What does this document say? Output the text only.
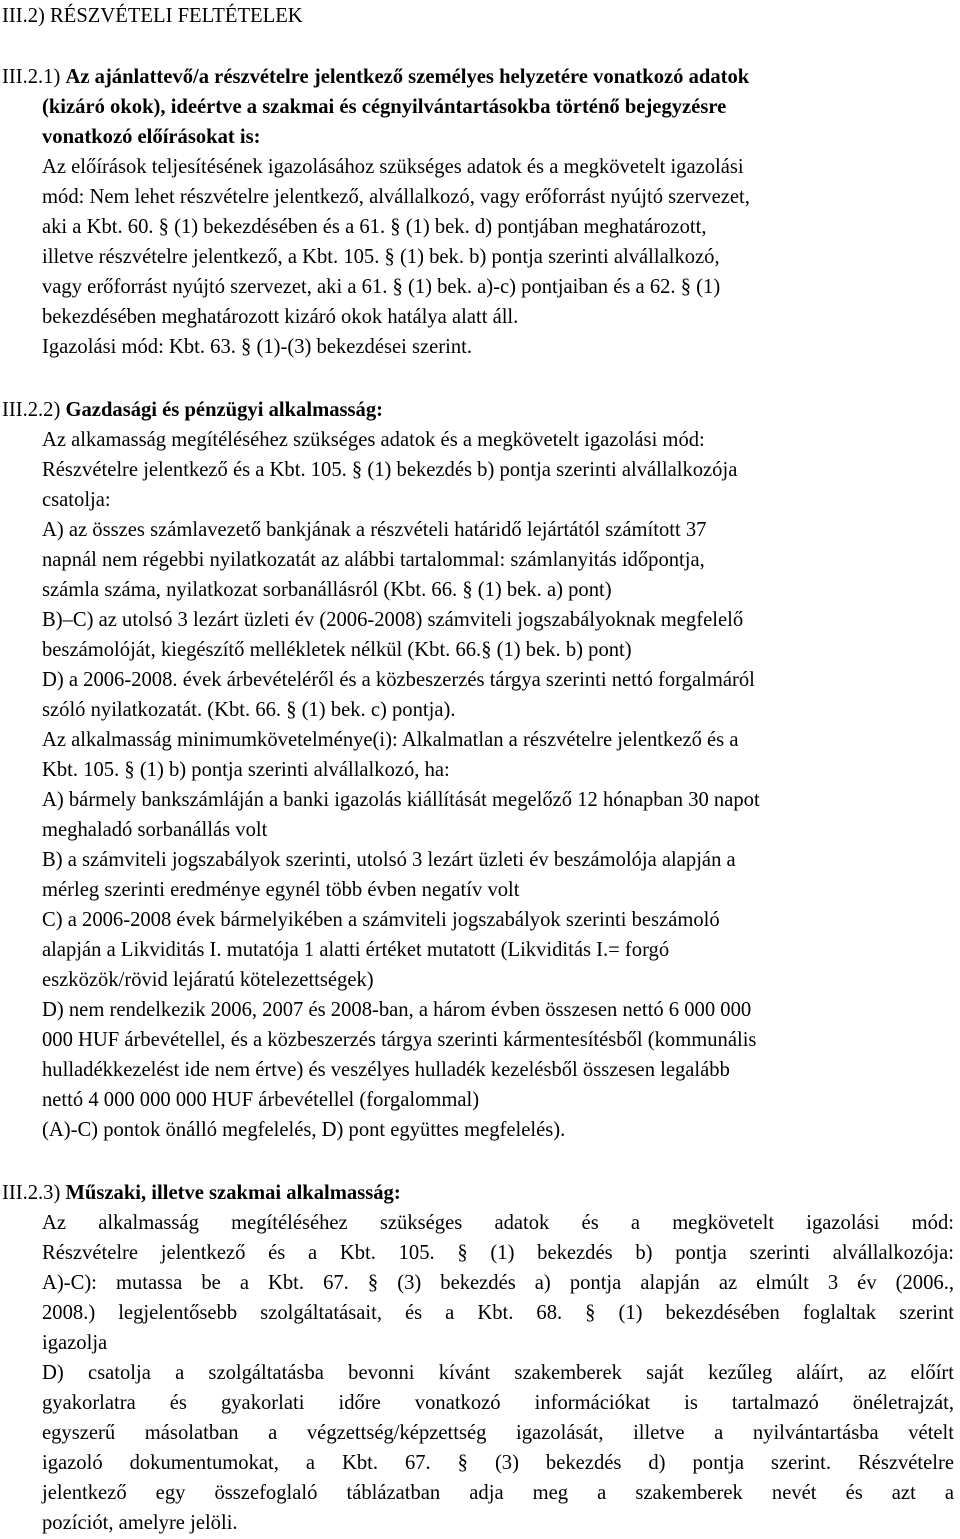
III.2) RÉSZVÉTELI FELTÉTELEK
III.2.1) Az ajánlattevő/a részvételre jelentkező személyes helyzetére vonatkozó adatok
(kizáró okok), ideértve a szakmai és cégnyilvántartásokba történő bejegyzésre
vonatkozó előírásokat is:
Az előírások teljesítésének igazolásához szükséges adatok és a megkövetelt igazolási
mód: Nem lehet részvételre jelentkező, alvállalkozó, vagy erőforrást nyújtó szervezet,
aki a Kbt. 60. § (1) bekezdésében és a 61. § (1) bek. d) pontjában meghatározott,
illetve részvételre jelentkező, a Kbt. 105. § (1) bek. b) pontja szerinti alvállalkozó,
vagy erőforrást nyújtó szervezet, aki a 61. § (1) bek. a)-c) pontjaiban és a 62. § (1)
bekezdésében meghatározott kizáró okok hatálya alatt áll.
Igazolási mód: Kbt. 63. § (1)-(3) bekezdései szerint.
III.2.2) Gazdasági és pénzügyi alkalmasság:
Az alkamasság megítéléséhez szükséges adatok és a megkövetelt igazolási mód:
Részvételre jelentkező és a Kbt. 105. § (1) bekezdés b) pontja szerinti alvállalkozója
csatolja:
A) az összes számlavezető bankjának a részvételi határidő lejártától számított 37
napnál nem régebbi nyilatkozatát az alábbi tartalommal: számlanyitás időpontja,
számla száma, nyilatkozat sorbanállásról (Kbt. 66. § (1) bek. a) pont)
B)–C) az utolsó 3 lezárt üzleti év (2006-2008) számviteli jogszabályoknak megfelelő
beszámolóját, kiegészítő mellékletek nélkül (Kbt. 66.§ (1) bek. b) pont)
D) a 2006-2008. évek árbevételéről és a közbeszerzés tárgya szerinti nettó forgalmáról
szóló nyilatkozatát. (Kbt. 66. § (1) bek. c) pontja).
Az alkalmasság minimumkövetelménye(i): Alkalmatlan a részvételre jelentkező és a
Kbt. 105. § (1) b) pontja szerinti alvállalkozó, ha:
A) bármely bankszámláján a banki igazolás kiállítását megelőző 12 hónapban 30 napot
meghaladó sorbanállás volt
B) a számviteli jogszabályok szerinti, utolsó 3 lezárt üzleti év beszámolója alapján a
mérleg szerinti eredménye egynél több évben negatív volt
C) a 2006-2008 évek bármelyikében a számviteli jogszabályok szerinti beszámoló
alapján a Likviditás I. mutatója 1 alatti értéket mutatott (Likviditás I.= forgó
eszközök/rövid lejáratú kötelezettségek)
D) nem rendelkezik 2006, 2007 és 2008-ban, a három évben összesen nettó 6 000 000
000 HUF árbevétellel, és a közbeszerzés tárgya szerinti kármentesítésből (kommunális
hulladékkezelést ide nem értve) és veszélyes hulladék kezelésből összesen legalább
nettó 4 000 000 000 HUF árbevétellel (forgalommal)
(A)-C) pontok önálló megfelelés, D) pont együttes megfelelés).
III.2.3) Műszaki, illetve szakmai alkalmasság:
Az alkalmasság megítéléséhez szükséges adatok és a megkövetelt igazolási mód:
Részvételre jelentkező és a Kbt. 105. § (1) bekezdés b) pontja szerinti alvállalkozója:
A)-C): mutassa be a Kbt. 67. § (3) bekezdés a) pontja alapján az elmúlt 3 év (2006.,
2008.) legjelentősebb szolgáltatásait, és a Kbt. 68. § (1) bekezdésében foglaltak szerint
igazolja
D) csatolja a szolgáltatásba bevonni kívánt szakemberek saját kezűleg aláírt, az előírt
gyakorlatra és gyakorlati időre vonatkozó információkat is tartalmazó önéletrajzát,
egyszerű másolatban a végzettség/képzettség igazolását, illetve a nyilvántartásba vételt
igazoló dokumentumokat, a Kbt. 67. § (3) bekezdés d) pontja szerint. Részvételre
jelentkező egy összefoglaló táblázatban adja meg a szakemberek nevét és azt a
pozíciót, amelyre jelöli.
